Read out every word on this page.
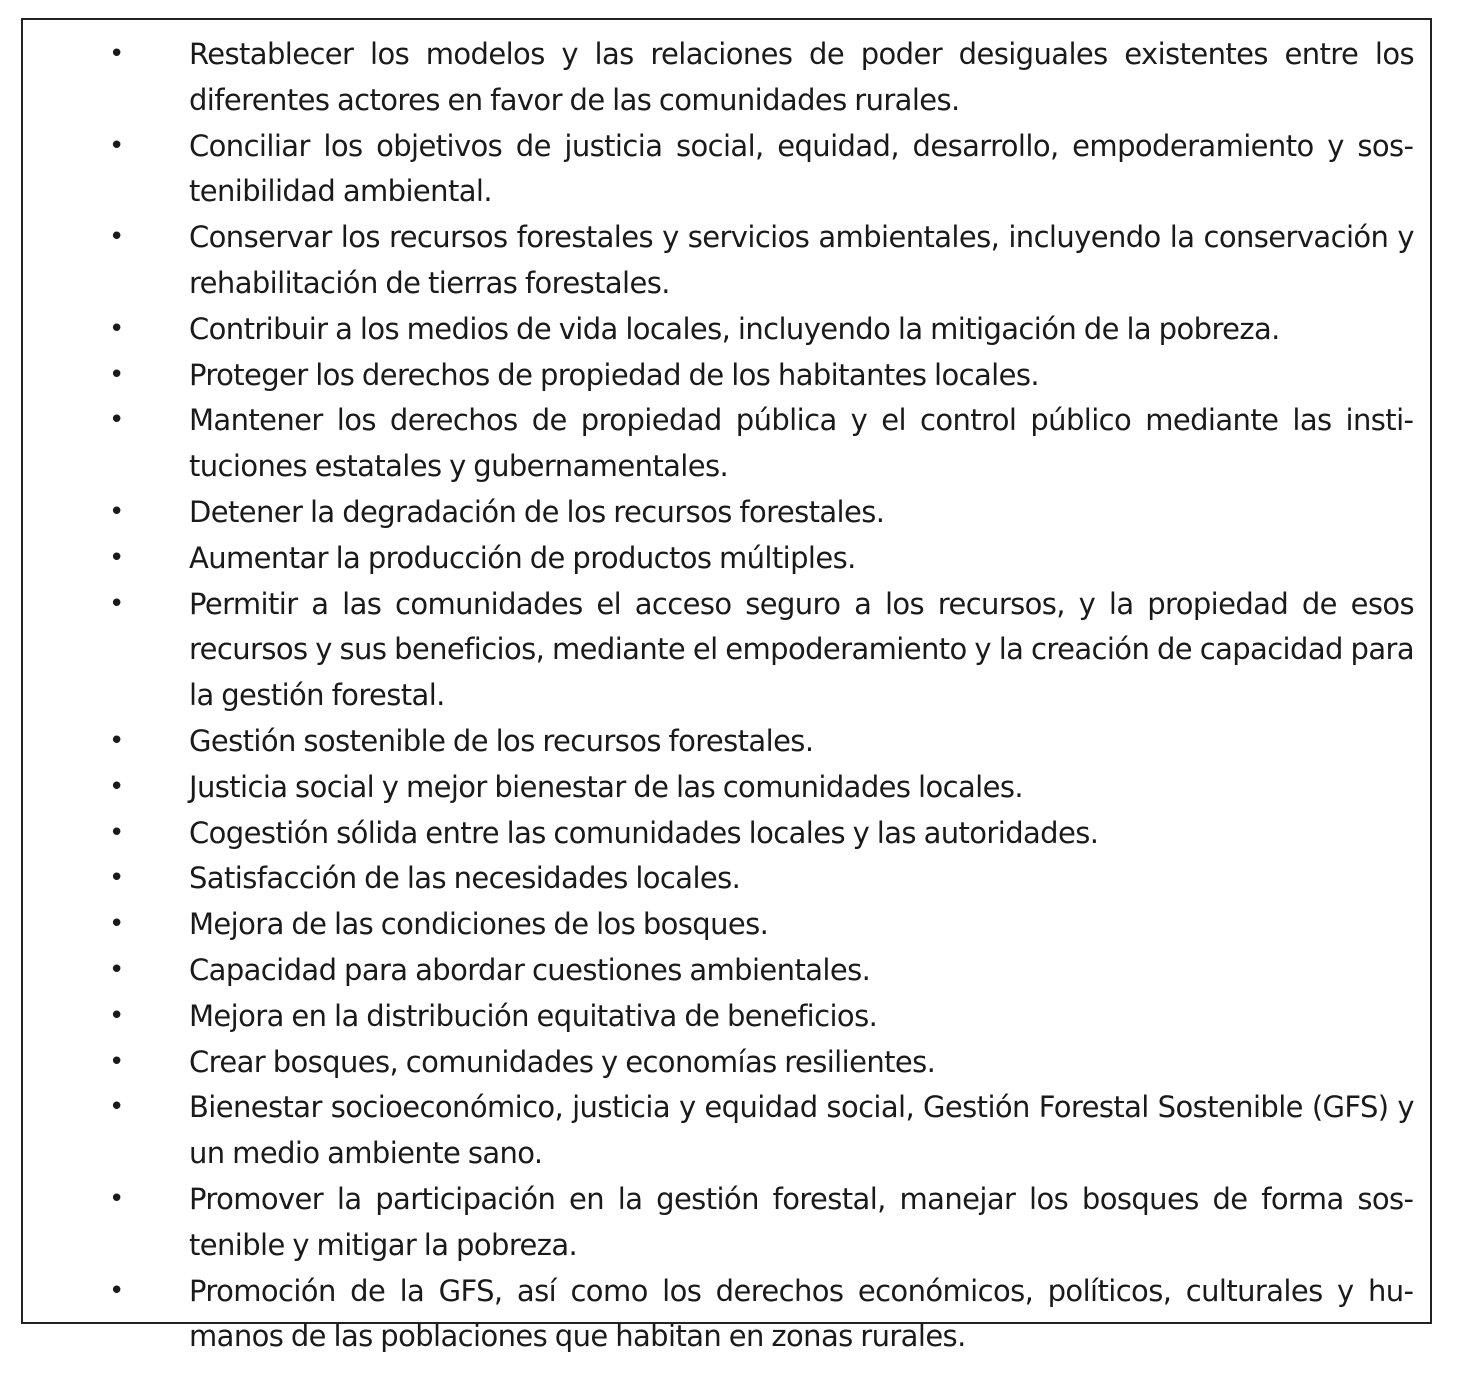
• Restablecer los modelos y las relaciones de poder desiguales existentes entre los diferentes actores en favor de las comunidades rurales.
• Conciliar los objetivos de justicia social, equidad, desarrollo, empoderamiento y sostenibilidad ambiental.
• Conservar los recursos forestales y servicios ambientales, incluyendo la conservación y rehabilitación de tierras forestales.
• Contribuir a los medios de vida locales, incluyendo la mitigación de la pobreza.
• Proteger los derechos de propiedad de los habitantes locales.
• Mantener los derechos de propiedad pública y el control público mediante las instituciones estatales y gubernamentales.
• Detener la degradación de los recursos forestales.
• Aumentar la producción de productos múltiples.
• Permitir a las comunidades el acceso seguro a los recursos, y la propiedad de esos recursos y sus beneficios, mediante el empoderamiento y la creación de capacidad para la gestión forestal.
• Gestión sostenible de los recursos forestales.
• Justicia social y mejor bienestar de las comunidades locales.
• Cogestión sólida entre las comunidades locales y las autoridades.
• Satisfacción de las necesidades locales.
• Mejora de las condiciones de los bosques.
• Capacidad para abordar cuestiones ambientales.
• Mejora en la distribución equitativa de beneficios.
• Crear bosques, comunidades y economías resilientes.
• Bienestar socioeconómico, justicia y equidad social, Gestión Forestal Sostenible (GFS) y un medio ambiente sano.
• Promover la participación en la gestión forestal, manejar los bosques de forma sostenible y mitigar la pobreza.
• Promoción de la GFS, así como los derechos económicos, políticos, culturales y humanos de las poblaciones que habitan en zonas rurales.
